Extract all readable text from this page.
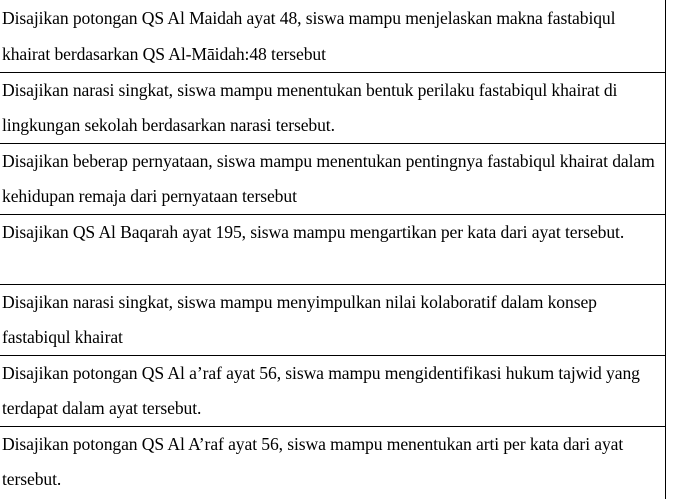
Disajikan potongan QS Al Maidah ayat 48, siswa mampu menjelaskan makna fastabiqul khairat berdasarkan QS Al-Māidah:48 tersebut

Disajikan narasi singkat, siswa mampu menentukan bentuk perilaku fastabiqul khairat di lingkungan sekolah berdasarkan narasi tersebut.

Disajikan beberap pernyataan, siswa mampu menentukan pentingnya fastabiqul khairat dalam kehidupan remaja dari pernyataan tersebut

Disajikan QS Al Baqarah ayat 195, siswa mampu mengartikan per kata dari ayat tersebut.

Disajikan narasi singkat, siswa mampu menyimpulkan nilai kolaboratif dalam konsep fastabiqul khairat

Disajikan potongan QS Al a’raf ayat 56, siswa mampu mengidentifikasi hukum tajwid yang terdapat dalam ayat tersebut.

Disajikan potongan QS Al A’raf ayat 56, siswa mampu menentukan arti per kata dari ayat tersebut.
